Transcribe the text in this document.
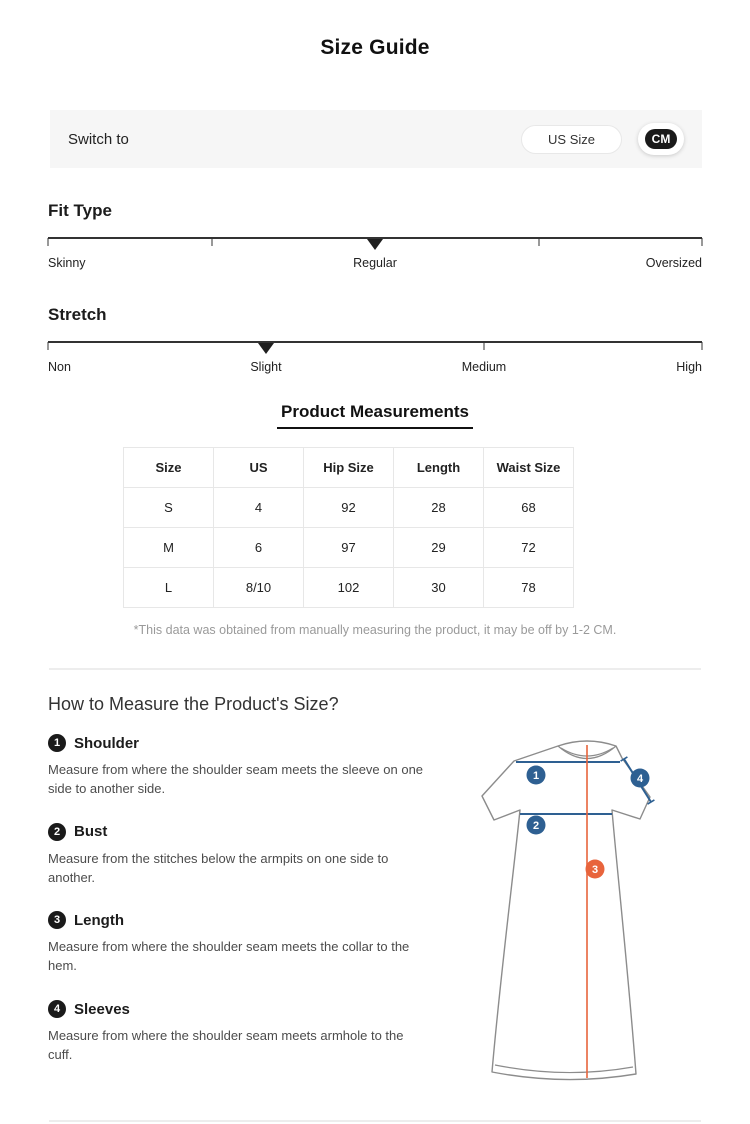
Size Guide
Switch to	US Size	CM
Fit Type
Skinny	Regular	Oversized
Stretch
Non	Slight	Medium	High
Product Measurements
Size	US	Hip Size	Length	Waist Size
S	4	92	28	68
M	6	97	29	72
L	8/10	102	30	78
*This data was obtained from manually measuring the product, it may be off by 1-2 CM.
How to Measure the Product's Size?
1 Shoulder

Measure from where the shoulder seam meets the sleeve on one side to another side.

2 Bust

Measure from the stitches below the armpits on one side to another.

3 Length

Measure from where the shoulder seam meets the collar to the hem.

4 Sleeves

Measure from where the shoulder seam meets armhole to the cuff.

1
2
3
4
